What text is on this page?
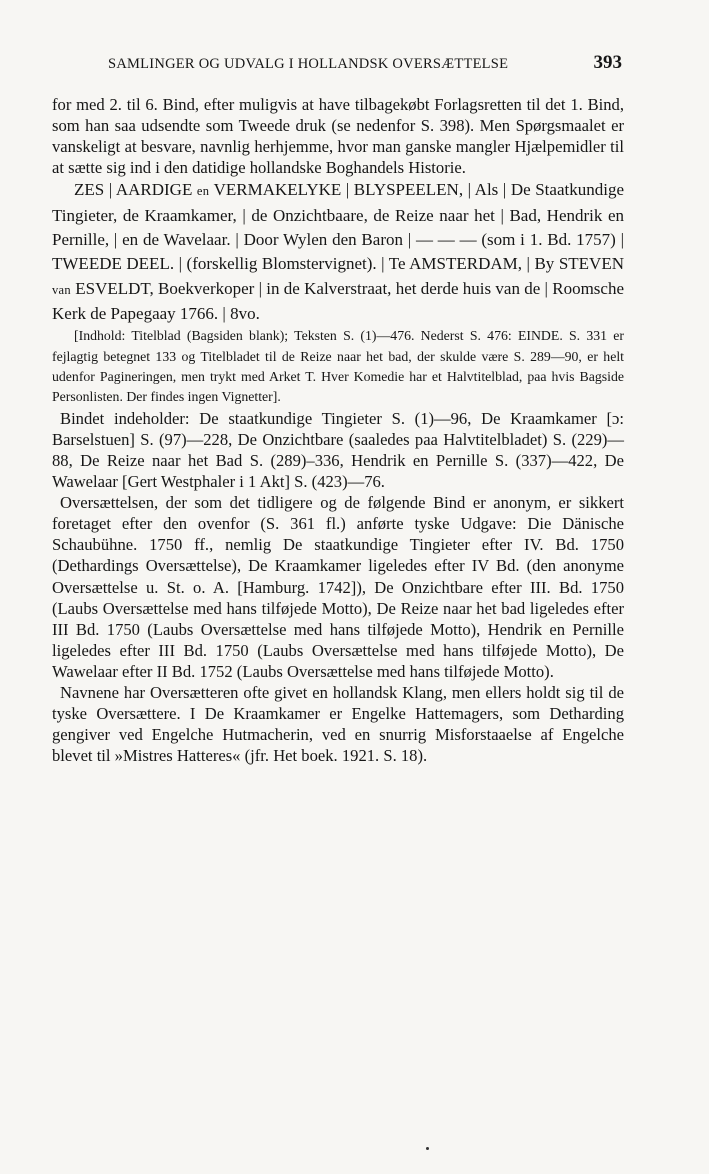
SAMLINGER OG UDVALG I HOLLANDSK OVERSÆTTELSE	393

for med 2. til 6. Bind, efter muligvis at have tilbagekøbt Forlagsretten til det 1. Bind, som han saa udsendte som Tweede druk (se nedenfor S. 398). Men Spørgsmaalet er vanskeligt at besvare, navnlig herhjemme, hvor man ganske mangler Hjælpemidler til at sætte sig ind i den datidige hollandske Boghandels Historie.

ZES | AARDIGE en VERMAKELYKE | BLYSPEELEN, | Als | De Staatkundige Tingieter, de Kraamkamer, | de Onzichtbaare, de Reize naar het | Bad, Hendrik en Pernille, | en de Wavelaar. | Door Wylen den Baron | — — — (som i 1. Bd. 1757) | TWEEDE DEEL. | (forskellig Blomstervignet). | Te AMSTERDAM, | By STEVEN van ESVELDT, Boekverkoper | in de Kalverstraat, het derde huis van de | Roomsche Kerk de Papegaay 1766. | 8vo.

[Indhold: Titelblad (Bagsiden blank); Teksten S. (1)—476. Nederst S. 476: EINDE. S. 331 er fejlagtig betegnet 133 og Titelbladet til de Reize naar het bad, der skulde være S. 289—90, er helt udenfor Pagineringen, men trykt med Arket T. Hver Komedie har et Halvtitelblad, paa hvis Bagside Personlisten. Der findes ingen Vignetter].

Bindet indeholder: De staatkundige Tingieter S. (1)—96, De Kraamkamer [ɔ: Barselstuen] S. (97)—228, De Onzichtbare (saaledes paa Halvtitelbladet) S. (229)—88, De Reize naar het Bad S. (289)–336, Hendrik en Pernille S. (337)—422, De Wawelaar [Gert Westphaler i 1 Akt] S. (423)—76.

Oversættelsen, der som det tidligere og de følgende Bind er anonym, er sikkert foretaget efter den ovenfor (S. 361 fl.) anførte tyske Udgave: Die Dänische Schaubühne. 1750 ff., nemlig De staatkundige Tingieter efter IV. Bd. 1750 (Dethardings Oversættelse), De Kraamkamer ligeledes efter IV Bd. (den anonyme Oversættelse u. St. o. A. [Hamburg. 1742]), De Onzichtbare efter III. Bd. 1750 (Laubs Oversættelse med hans tilføjede Motto), De Reize naar het bad ligeledes efter III Bd. 1750 (Laubs Oversættelse med hans tilføjede Motto), Hendrik en Pernille ligeledes efter III Bd. 1750 (Laubs Oversættelse med hans tilføjede Motto), De Wawelaar efter II Bd. 1752 (Laubs Oversættelse med hans tilføjede Motto).

Navnene har Oversætteren ofte givet en hollandsk Klang, men ellers holdt sig til de tyske Oversættere. I De Kraamkamer er Engelke Hattemagers, som Detharding gengiver ved Engelche Hutmacherin, ved en snurrig Misforstaaelse af Engelche blevet til »Mistres Hatteres« (jfr. Het boek. 1921. S. 18).
